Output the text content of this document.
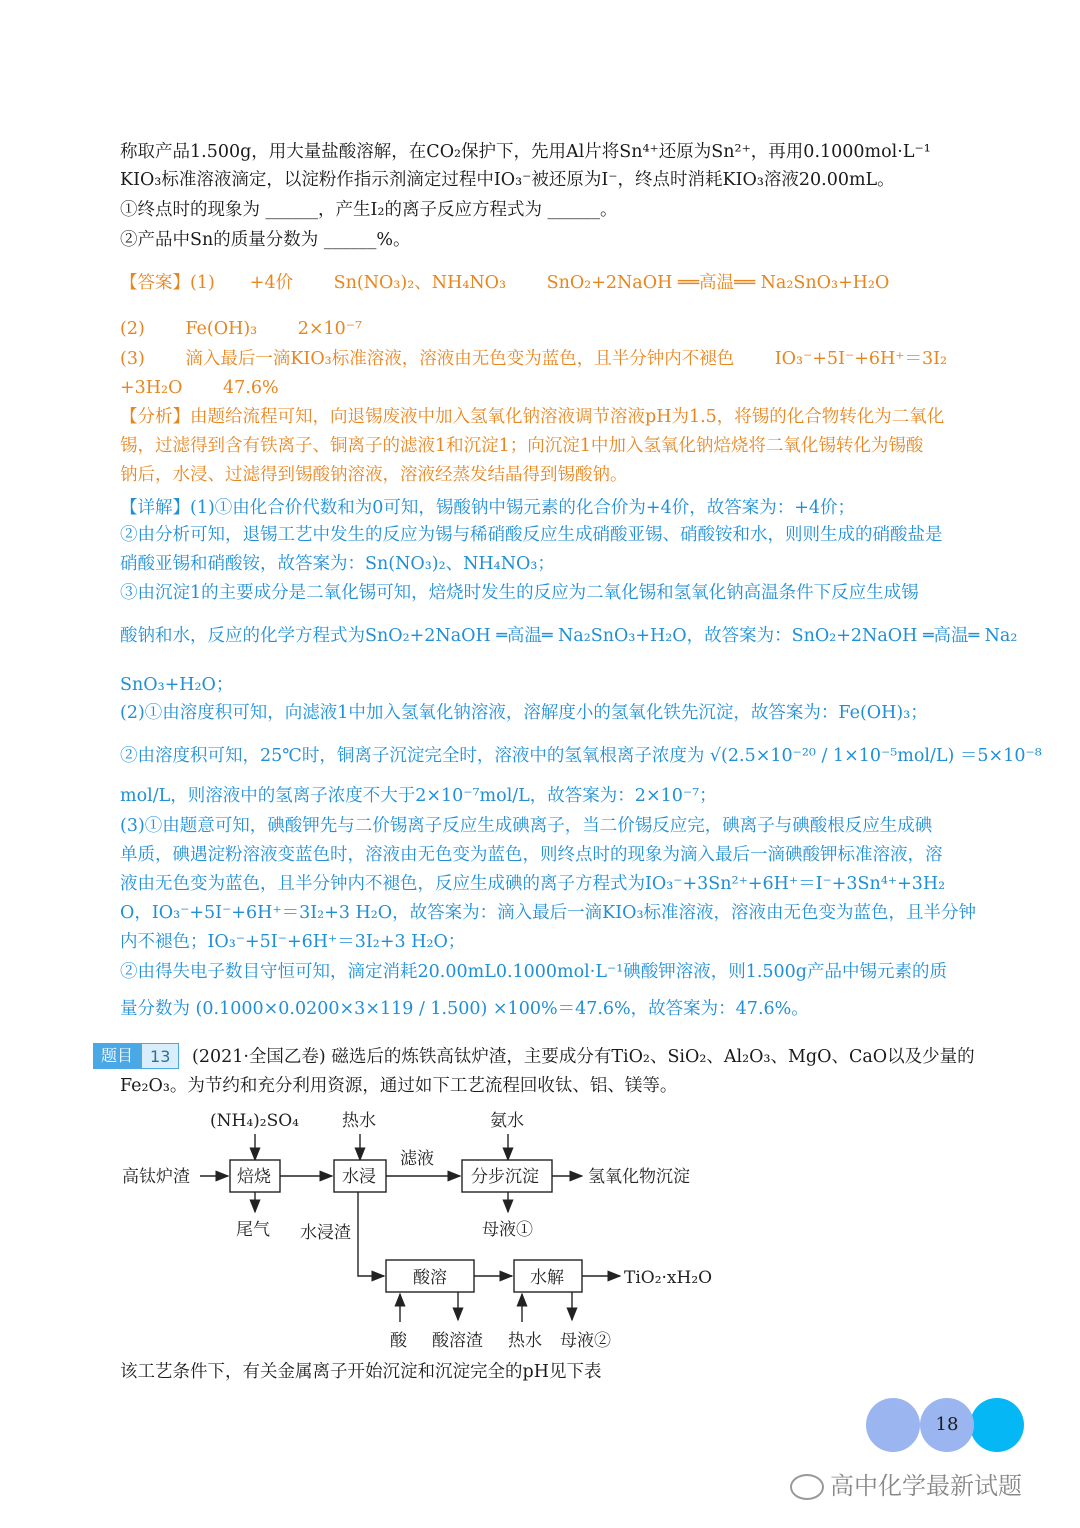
称取产品1.500g，用大量盐酸溶解，在CO₂保护下，先用Al片将Sn⁴⁺还原为Sn²⁺，再用0.1000mol·L⁻¹
KIO₃标准溶液滴定，以淀粉作指示剂滴定过程中IO₃⁻被还原为I⁻，终点时消耗KIO₃溶液20.00mL。
①终点时的现象为 ______，产生I₂的离子反应方程式为 ______。
②产品中Sn的质量分数为 ______%。
【答案】(1)　　+4价　　 Sn(NO₃)₂、NH₄NO₃　　 SnO₂+2NaOH ══高温══ Na₂SnO₃+H₂O
(2)　　 Fe(OH)₃　　 2×10⁻⁷
(3)　　 滴入最后一滴KIO₃标准溶液，溶液由无色变为蓝色，且半分钟内不褪色　　 IO₃⁻+5I⁻+6H⁺＝3I₂
+3H₂O　　 47.6%
【分析】由题给流程可知，向退锡废液中加入氢氧化钠溶液调节溶液pH为1.5，将锡的化合物转化为二氧化
锡，过滤得到含有铁离子、铜离子的滤液1和沉淀1；向沉淀1中加入氢氧化钠焙烧将二氧化锡转化为锡酸
钠后，水浸、过滤得到锡酸钠溶液，溶液经蒸发结晶得到锡酸钠。
【详解】(1)①由化合价代数和为0可知，锡酸钠中锡元素的化合价为+4价，故答案为：+4价；
②由分析可知，退锡工艺中发生的反应为锡与稀硝酸反应生成硝酸亚锡、硝酸铵和水，则则生成的硝酸盐是
硝酸亚锡和硝酸铵，故答案为：Sn(NO₃)₂、NH₄NO₃；
③由沉淀1的主要成分是二氧化锡可知，焙烧时发生的反应为二氧化锡和氢氧化钠高温条件下反应生成锡
酸钠和水，反应的化学方程式为SnO₂+2NaOH ═高温═ Na₂SnO₃+H₂O，故答案为：SnO₂+2NaOH ═高温═ Na₂
SnO₃+H₂O；
(2)①由溶度积可知，向滤液1中加入氢氧化钠溶液，溶解度小的氢氧化铁先沉淀，故答案为：Fe(OH)₃；
②由溶度积可知，25℃时，铜离子沉淀完全时，溶液中的氢氧根离子浓度为 √(2.5×10⁻²⁰ / 1×10⁻⁵mol/L) ＝5×10⁻⁸
mol/L，则溶液中的氢离子浓度不大于2×10⁻⁷mol/L，故答案为：2×10⁻⁷；
(3)①由题意可知，碘酸钾先与二价锡离子反应生成碘离子，当二价锡反应完，碘离子与碘酸根反应生成碘
单质，碘遇淀粉溶液变蓝色时，溶液由无色变为蓝色，则终点时的现象为滴入最后一滴碘酸钾标准溶液，溶
液由无色变为蓝色，且半分钟内不褪色，反应生成碘的离子方程式为IO₃⁻+3Sn²⁺+6H⁺＝I⁻+3Sn⁴⁺+3H₂
O，IO₃⁻+5I⁻+6H⁺＝3I₂+3 H₂O，故答案为：滴入最后一滴KIO₃标准溶液，溶液由无色变为蓝色，且半分钟
内不褪色；IO₃⁻+5I⁻+6H⁺＝3I₂+3 H₂O；
②由得失电子数目守恒可知，滴定消耗20.00mL0.1000mol·L⁻¹碘酸钾溶液，则1.500g产品中锡元素的质
量分数为 (0.1000×0.0200×3×119 / 1.500) ×100%＝47.6%，故答案为：47.6%。
题目	13	(2021·全国乙卷) 磁选后的炼铁高钛炉渣，主要成分有TiO₂、SiO₂、Al₂O₃、MgO、CaO以及少量的
Fe₂O₃。为节约和充分利用资源，通过如下工艺流程回收钛、铝、镁等。
(NH₄)₂SO₄	热水	氨水
高钛炉渣	焙烧	水浸
滤液
分步沉淀	氢氧化物沉淀
尾气	母液①
水浸渣
酸溶	水解	TiO₂·xH₂O
酸 酸溶渣 热水 母液②
该工艺条件下，有关金属离子开始沉淀和沉淀完全的pH见下表
18
高中化学最新试题
